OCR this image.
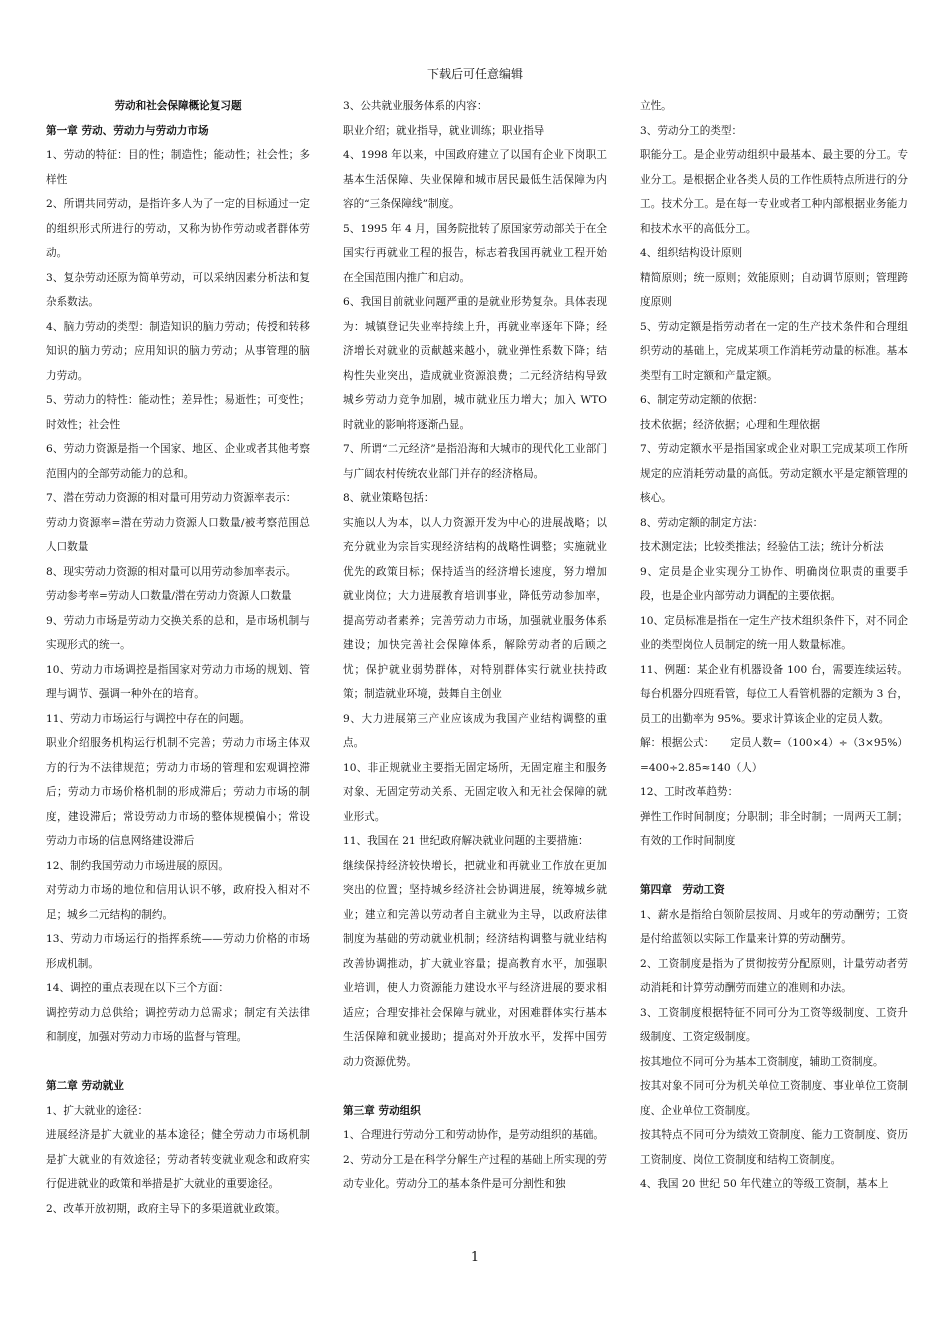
下载后可任意编辑

劳动和社会保障概论复习题

第一章 劳动、劳动力与劳动力市场

1、劳动的特征：目的性；制造性；能动性；社会性；多样性

2、所谓共同劳动，是指许多人为了一定的目标通过一定的组织形式所进行的劳动，又称为协作劳动或者群体劳动。

3、复杂劳动还原为简单劳动，可以采纳因素分析法和复杂系数法。

4、脑力劳动的类型：制造知识的脑力劳动；传授和转移知识的脑力劳动；应用知识的脑力劳动；从事管理的脑力劳动。

5、劳动力的特性：能动性；差异性；易逝性；可变性；时效性；社会性

6、劳动力资源是指一个国家、地区、企业或者其他考察范围内的全部劳动能力的总和。

7、潜在劳动力资源的相对量可用劳动力资源率表示：

劳动力资源率=潜在劳动力资源人口数量/被考察范围总人口数量

8、现实劳动力资源的相对量可以用劳动参加率表示。

劳动参考率=劳动人口数量/潜在劳动力资源人口数量

9、劳动力市场是劳动力交换关系的总和，是市场机制与实现形式的统一。

10、劳动力市场调控是指国家对劳动力市场的规划、管理与调节、强调一种外在的培育。

11、劳动力市场运行与调控中存在的问题。

职业介绍服务机构运行机制不完善；劳动力市场主体双方的行为不法律规范；劳动力市场的管理和宏观调控滞后；劳动力市场价格机制的形成滞后；劳动力市场的制度，建设滞后；常设劳动力市场的整体规模偏小；常设劳动力市场的信息网络建设滞后

12、制约我国劳动力市场进展的原因。

对劳动力市场的地位和信用认识不够，政府投入相对不足；城乡二元结构的制约。

13、劳动力市场运行的指挥系统——劳动力价格的市场形成机制。

14、调控的重点表现在以下三个方面：

调控劳动力总供给；调控劳动力总需求；制定有关法律和制度，加强对劳动力市场的监督与管理。

第二章 劳动就业

1、扩大就业的途径：

进展经济是扩大就业的基本途径；健全劳动力市场机制是扩大就业的有效途径；劳动者转变就业观念和政府实行促进就业的政策和举措是扩大就业的重要途径。

2、改革开放初期，政府主导下的多渠道就业政策。

3、公共就业服务体系的内容：

职业介绍；就业指导，就业训练；职业指导

4、1998 年以来，中国政府建立了以国有企业下岗职工基本生活保障、失业保障和城市居民最低生活保障为内容的“三条保障线”制度。

5、1995 年 4 月，国务院批转了原国家劳动部关于在全国实行再就业工程的报告，标志着我国再就业工程开始在全国范围内推广和启动。

6、我国目前就业问题严重的是就业形势复杂。具体表现为：城镇登记失业率持续上升，再就业率逐年下降；经济增长对就业的贡献越来越小，就业弹性系数下降；结构性失业突出，造成就业资源浪费；二元经济结构导致城乡劳动力竞争加剧，城市就业压力增大；加入 WTO 时就业的影响将逐渐凸显。

7、所谓“二元经济”是指沿海和大城市的现代化工业部门与广阔农村传统农业部门并存的经济格局。

8、就业策略包括：

实施以人为本，以人力资源开发为中心的进展战略；以充分就业为宗旨实现经济结构的战略性调整；实施就业优先的政策目标；保持适当的经济增长速度，努力增加就业岗位；大力进展教育培训事业，降低劳动参加率，提高劳动者素养；完善劳动力市场，加强就业服务体系建设；加快完善社会保障体系，解除劳动者的后顾之忧；保护就业弱势群体，对特别群体实行就业扶持政策；制造就业环境，鼓舞自主创业

9、大力进展第三产业应该成为我国产业结构调整的重点。

10、非正规就业主要指无固定场所，无固定雇主和服务对象、无固定劳动关系、无固定收入和无社会保障的就业形式。

11、我国在 21 世纪政府解决就业问题的主要措施：

继续保持经济较快增长，把就业和再就业工作放在更加突出的位置；坚持城乡经济社会协调进展，统筹城乡就业；建立和完善以劳动者自主就业为主导，以政府法律制度为基础的劳动就业机制；经济结构调整与就业结构改善协调推动，扩大就业容量；提高教育水平，加强职业培训，使人力资源能力建设水平与经济进展的要求相适应；合理安排社会保障与就业，对困难群体实行基本生活保障和就业援助；提高对外开放水平，发挥中国劳动力资源优势。

第三章 劳动组织

1、合理进行劳动分工和劳动协作，是劳动组织的基础。

2、劳动分工是在科学分解生产过程的基础上所实现的劳动专业化。劳动分工的基本条件是可分割性和独

立性。

3、劳动分工的类型：

职能分工。是企业劳动组织中最基本、最主要的分工。专业分工。是根据企业各类人员的工作性质特点所进行的分工。技术分工。是在每一专业或者工种内部根据业务能力和技术水平的高低分工。

4、组织结构设计原则

精简原则；统一原则；效能原则；自动调节原则；管理跨度原则

5、劳动定额是指劳动者在一定的生产技术条件和合理组织劳动的基础上，完成某项工作消耗劳动量的标准。基本类型有工时定额和产量定额。

6、制定劳动定额的依据：

技术依据；经济依据；心理和生理依据

7、劳动定额水平是指国家或企业对职工完成某项工作所规定的应消耗劳动量的高低。劳动定额水平是定额管理的核心。

8、劳动定额的制定方法：

技术测定法；比较类推法；经验估工法；统计分析法

9、定员是企业实现分工协作、明确岗位职责的重要手段，也是企业内部劳动力调配的主要依据。

10、定员标准是指在一定生产技术组织条件下，对不同企业的类型岗位人员制定的统一用人数量标准。

11、例题：某企业有机器设备 100 台，需要连续运转。每台机器分四班看管，每位工人看管机器的定额为 3 台，员工的出勤率为 95%。要求计算该企业的定员人数。

解：根据公式：　　定员人数=（100×4）÷（3×95%）=400÷2.85≈140（人）

12、工时改革趋势：

弹性工作时间制度；分职制；非全时制；一周两天工制；有效的工作时间制度

第四章　劳动工资

1、薪水是指给白领阶层按周、月或年的劳动酬劳；工资是付给蓝领以实际工作量来计算的劳动酬劳。

2、工资制度是指为了贯彻按劳分配原则，计量劳动者劳动消耗和计算劳动酬劳而建立的准则和办法。

3、工资制度根据特征不同可分为工资等级制度、工资升级制度、工资定级制度。

按其地位不同可分为基本工资制度，辅助工资制度。

按其对象不同可分为机关单位工资制度、事业单位工资制度、企业单位工资制度。

按其特点不同可分为绩效工资制度、能力工资制度、资历工资制度、岗位工资制度和结构工资制度。

4、我国 20 世纪 50 年代建立的等级工资制，基本上

1
